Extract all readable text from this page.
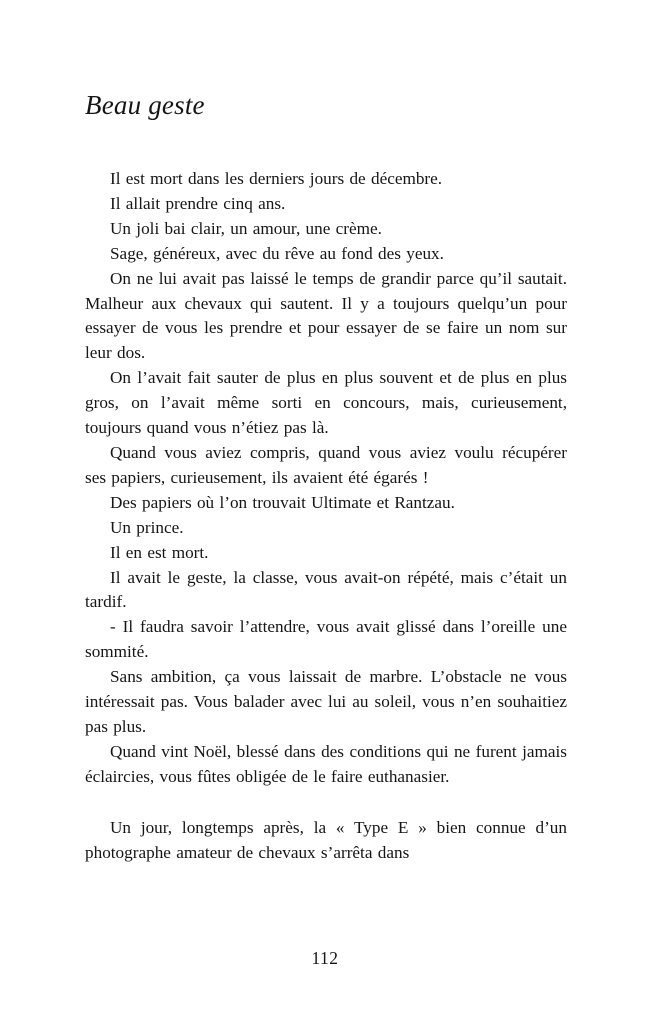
Beau geste

Il est mort dans les derniers jours de décembre.

Il allait prendre cinq ans.

Un joli bai clair, un amour, une crème.

Sage, généreux, avec du rêve au fond des yeux.

On ne lui avait pas laissé le temps de grandir parce qu’il sautait. Malheur aux chevaux qui sautent. Il y a toujours quelqu’un pour essayer de vous les prendre et pour essayer de se faire un nom sur leur dos.

On l’avait fait sauter de plus en plus souvent et de plus en plus gros, on l’avait même sorti en concours, mais, curieusement, toujours quand vous n’étiez pas là.

Quand vous aviez compris, quand vous aviez voulu récupérer ses papiers, curieusement, ils avaient été égarés !

Des papiers où l’on trouvait Ultimate et Rantzau.

Un prince.

Il en est mort.

Il avait le geste, la classe, vous avait-on répété, mais c’était un tardif.

- Il faudra savoir l’attendre, vous avait glissé dans l’oreille une sommité.

Sans ambition, ça vous laissait de marbre. L’obstacle ne vous intéressait pas. Vous balader avec lui au soleil, vous n’en souhaitiez pas plus.

Quand vint Noël, blessé dans des conditions qui ne furent jamais éclaircies, vous fûtes obligée de le faire euthanasier.

Un jour, longtemps après, la « Type E » bien connue d’un photographe amateur de chevaux s’arrêta dans

112
